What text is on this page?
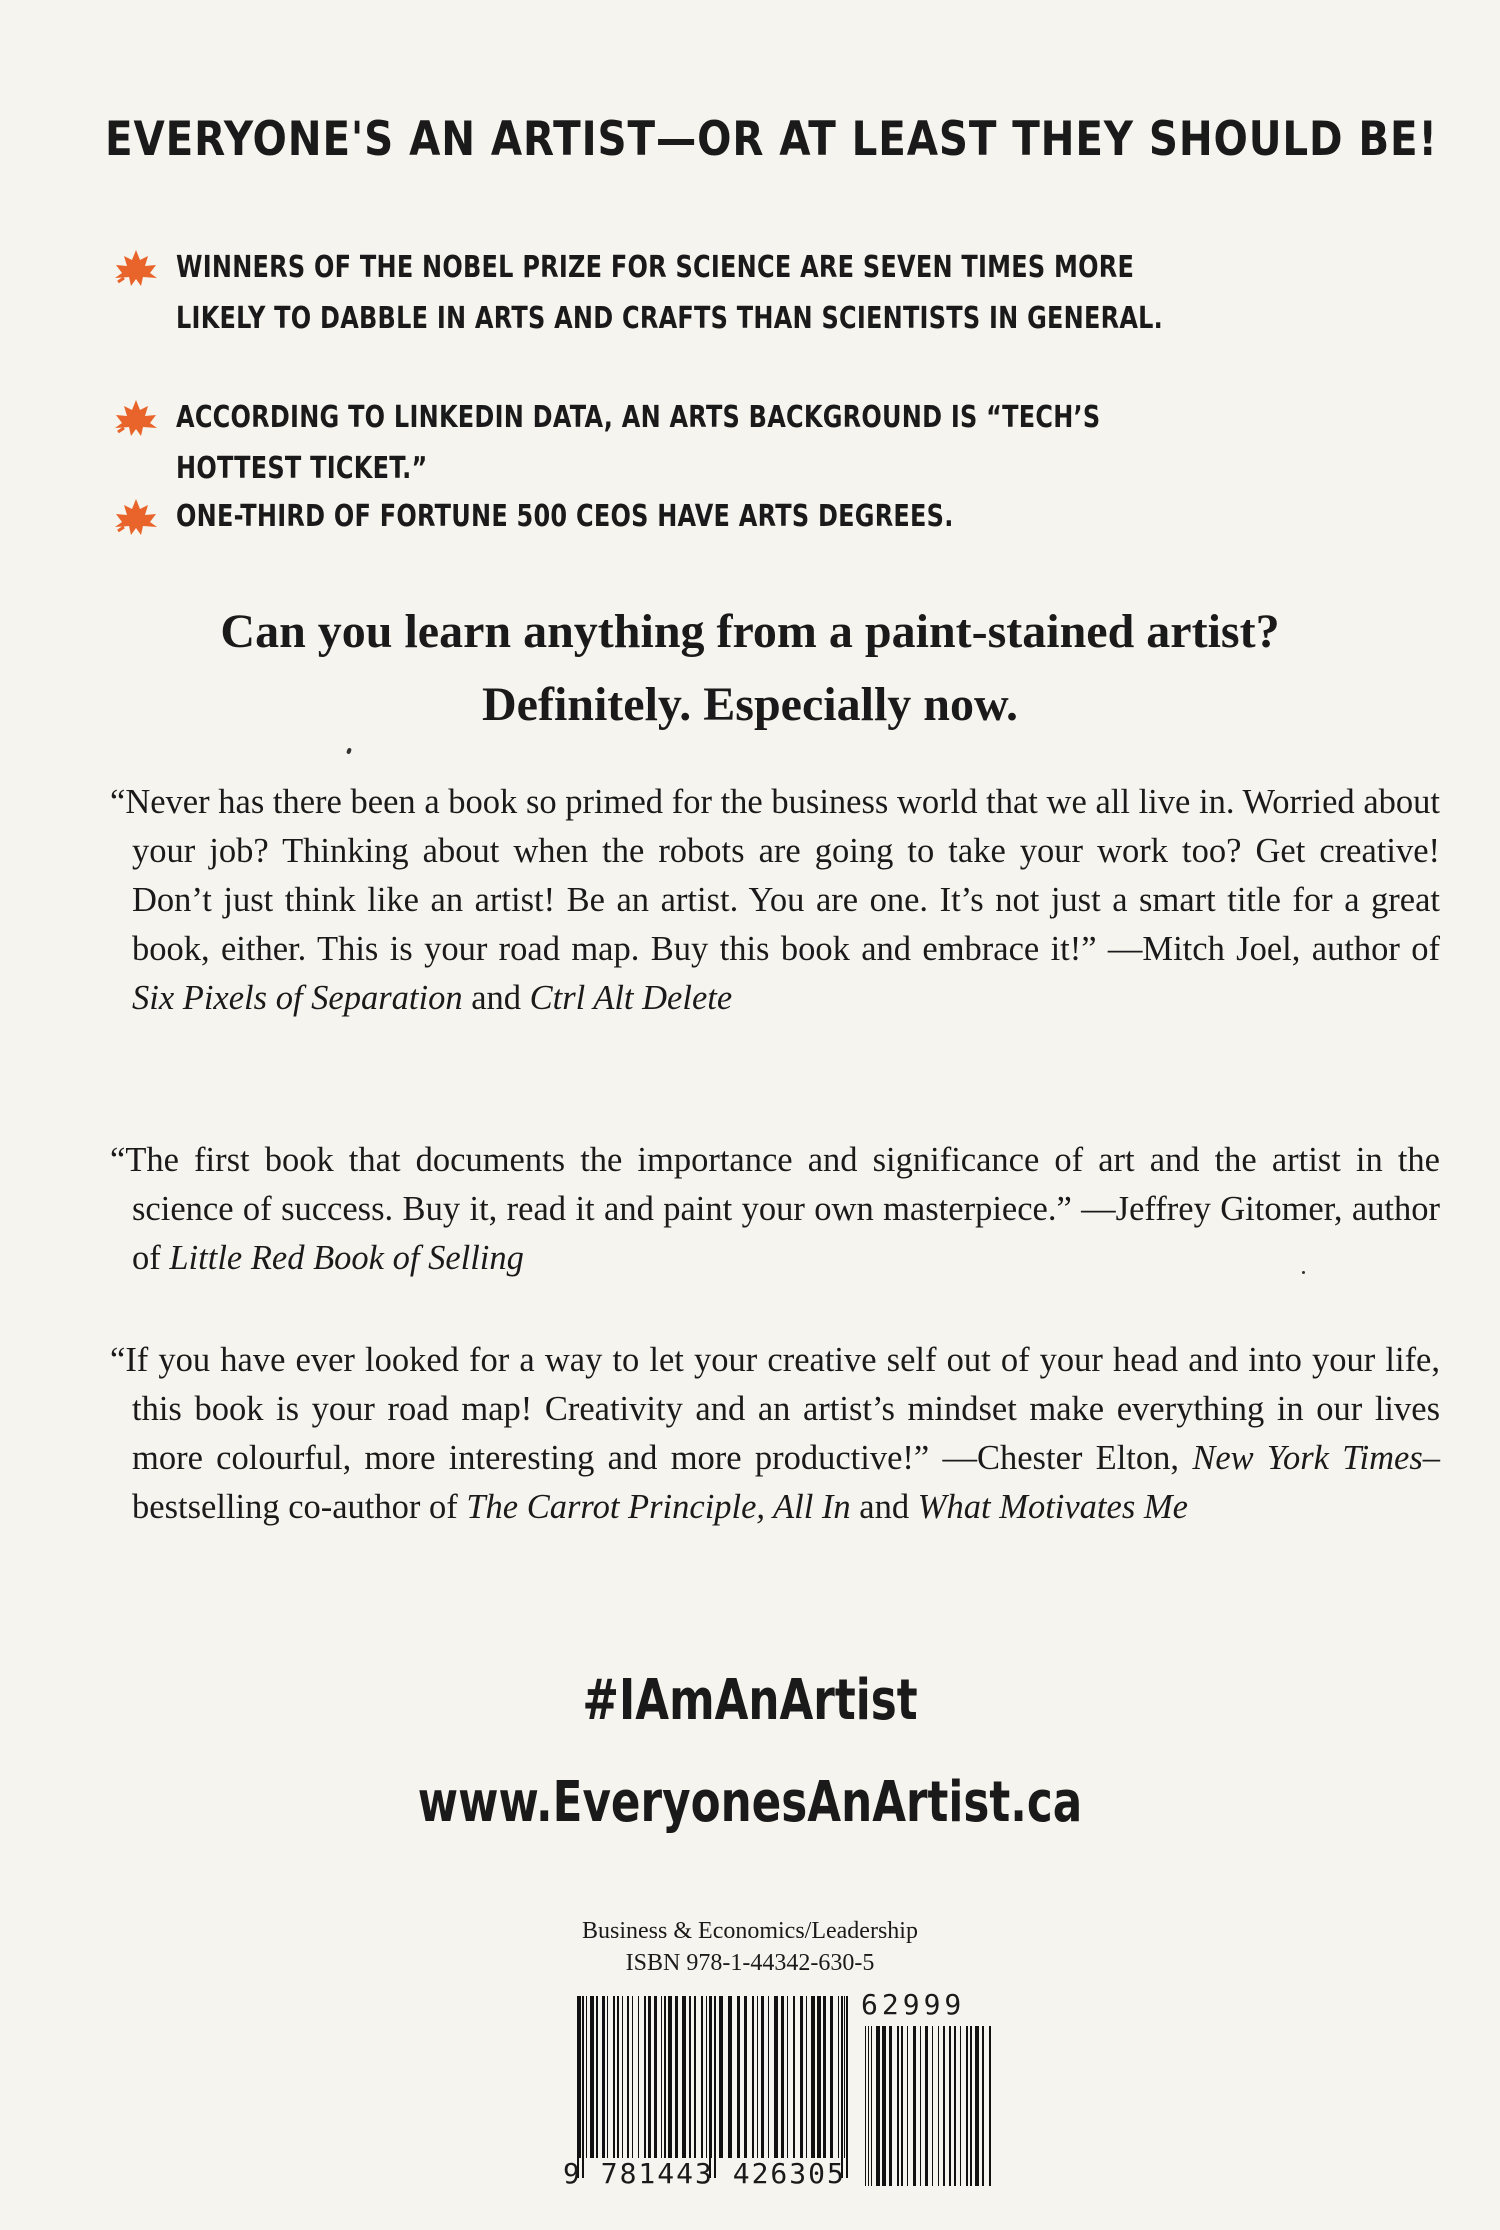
EVERYONE'S AN ARTIST—OR AT LEAST THEY SHOULD BE!
WINNERS OF THE NOBEL PRIZE FOR SCIENCE ARE SEVEN TIMES MORE LIKELY TO DABBLE IN ARTS AND CRAFTS THAN SCIENTISTS IN GENERAL.
ACCORDING TO LINKEDIN DATA, AN ARTS BACKGROUND IS “TECH’S HOTTEST TICKET.”
ONE-THIRD OF FORTUNE 500 CEOS HAVE ARTS DEGREES.
Can you learn anything from a paint-stained artist?
Definitely. Especially now.
“Never has there been a book so primed for the business world that we all live in. Worried about your job? Thinking about when the robots are going to take your work too? Get creative! Don’t just think like an artist! Be an artist. You are one. It’s not just a smart title for a great book, either. This is your road map. Buy this book and embrace it!” —Mitch Joel, author of Six Pixels of Separation and Ctrl Alt Delete
“The first book that documents the importance and significance of art and the artist in the science of success. Buy it, read it and paint your own masterpiece.” —Jeffrey Gitomer, author of Little Red Book of Selling
“If you have ever looked for a way to let your creative self out of your head and into your life, this book is your road map! Creativity and an artist’s mindset make everything in our lives more colourful, more interesting and more productive!” —Chester Elton, New York Times–bestselling co-author of The Carrot Principle, All In and What Motivates Me
#IAmAnArtist
www.EveryonesAnArtist.ca
Business & Economics/Leadership
ISBN 978-1-44342-630-5
9 781443 426305
62999
